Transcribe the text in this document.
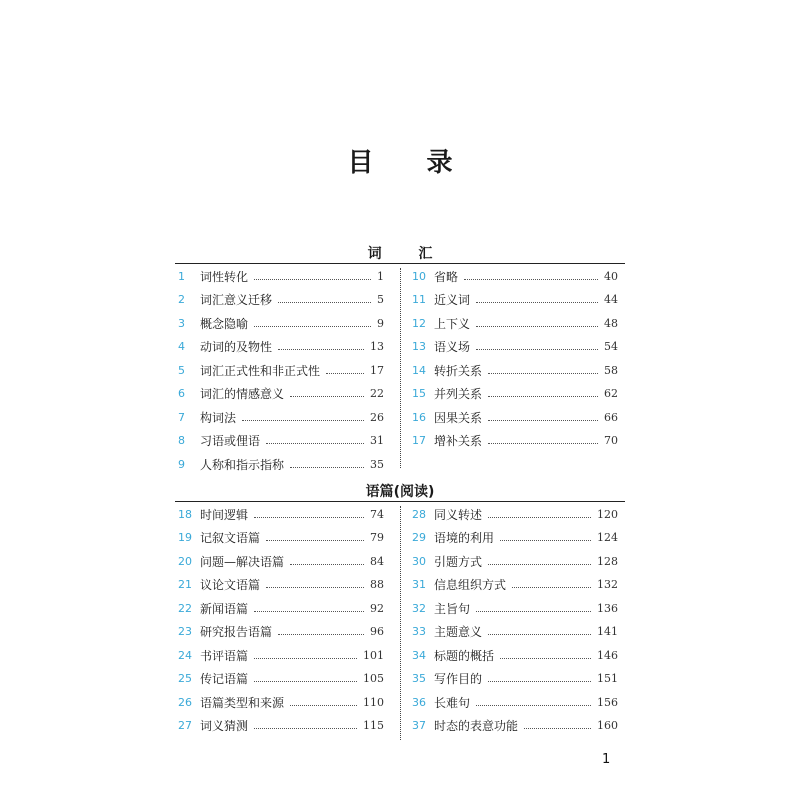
目 录
词 汇
1	词性转化	1
2	词汇意义迁移	5
3	概念隐喻	9
4	动词的及物性	13
5	词汇正式性和非正式性	17
6	词汇的情感意义	22
7	构词法	26
8	习语或俚语	31
9	人称和指示指称	35
10 省略	40
11 近义词	44
12 上下义	48
13 语义场	54
14 转折关系	58
15 并列关系	62
16 因果关系	66
17 增补关系	70
语篇(阅读)
18 时间逻辑	74
19 记叙文语篇	79
20 问题—解决语篇	84
21 议论文语篇	88
22 新闻语篇	92
23 研究报告语篇	96
24 书评语篇	101
25 传记语篇	105
26 语篇类型和来源	110
27 词义猜测	115
28 同义转述	120
29 语境的利用	124
30 引题方式	128
31 信息组织方式	132
32 主旨句	136
33 主题意义	141
34 标题的概括	146
35 写作目的	151
36 长难句	156
37 时态的表意功能	160
1
